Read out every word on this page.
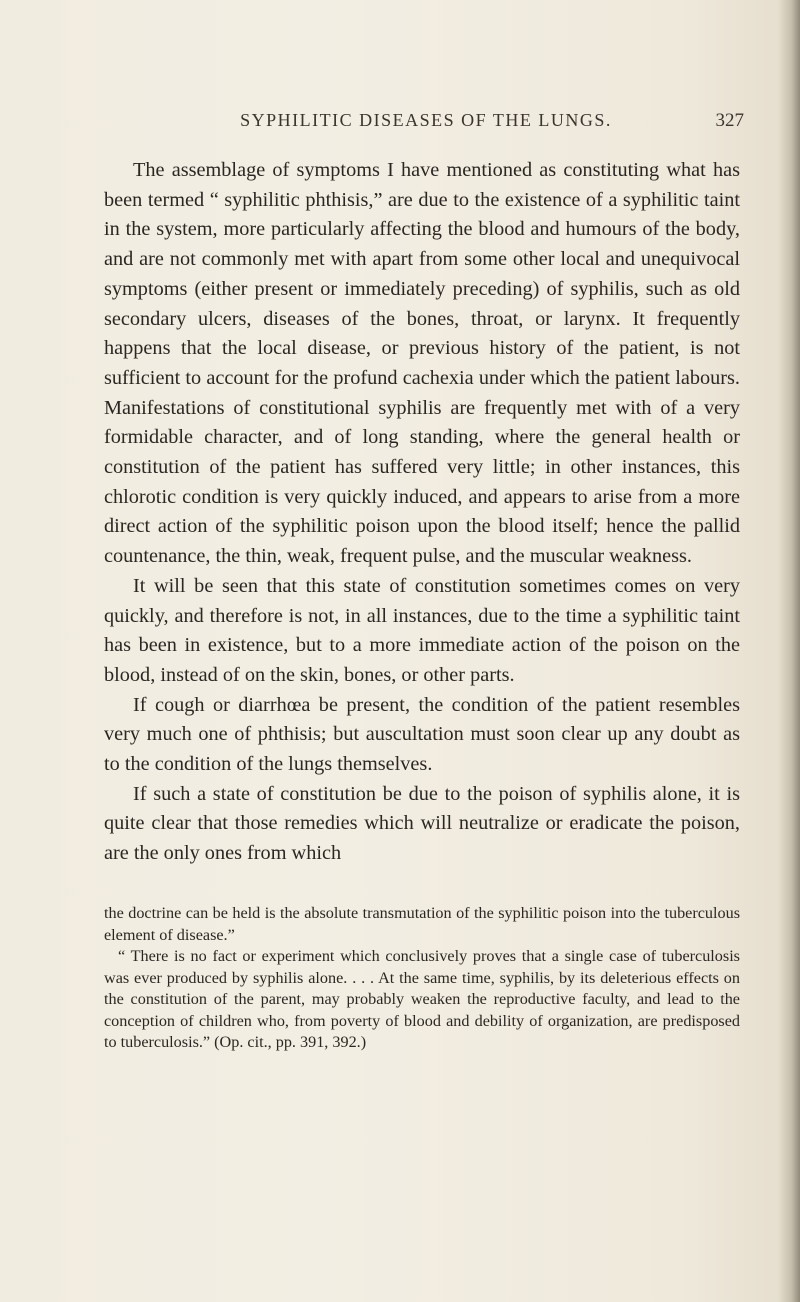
SYPHILITIC DISEASES OF THE LUNGS.	327

The assemblage of symptoms I have mentioned as constituting what has been termed “ syphilitic phthisis,” are due to the existence of a syphilitic taint in the system, more particularly affecting the blood and humours of the body, and are not commonly met with apart from some other local and unequivocal symptoms (either present or immediately preceding) of syphilis, such as old secondary ulcers, diseases of the bones, throat, or larynx. It frequently happens that the local disease, or previous history of the patient, is not sufficient to account for the profund cachexia under which the patient labours. Manifestations of constitutional syphilis are frequently met with of a very formidable character, and of long standing, where the general health or constitution of the patient has suffered very little; in other instances, this chlorotic condition is very quickly induced, and appears to arise from a more direct action of the syphilitic poison upon the blood itself; hence the pallid countenance, the thin, weak, frequent pulse, and the muscular weakness.

It will be seen that this state of constitution sometimes comes on very quickly, and therefore is not, in all instances, due to the time a syphilitic taint has been in existence, but to a more immediate action of the poison on the blood, instead of on the skin, bones, or other parts.

If cough or diarrhœa be present, the condition of the patient resembles very much one of phthisis; but auscultation must soon clear up any doubt as to the condition of the lungs themselves.

If such a state of constitution be due to the poison of syphilis alone, it is quite clear that those remedies which will neutralize or eradicate the poison, are the only ones from which

the doctrine can be held is the absolute transmutation of the syphilitic poison into the tuberculous element of disease.”

“ There is no fact or experiment which conclusively proves that a single case of tuberculosis was ever produced by syphilis alone. . . . At the same time, syphilis, by its deleterious effects on the constitution of the parent, may probably weaken the reproductive faculty, and lead to the conception of children who, from poverty of blood and debility of organization, are predisposed to tuberculosis.” (Op. cit., pp. 391, 392.)
